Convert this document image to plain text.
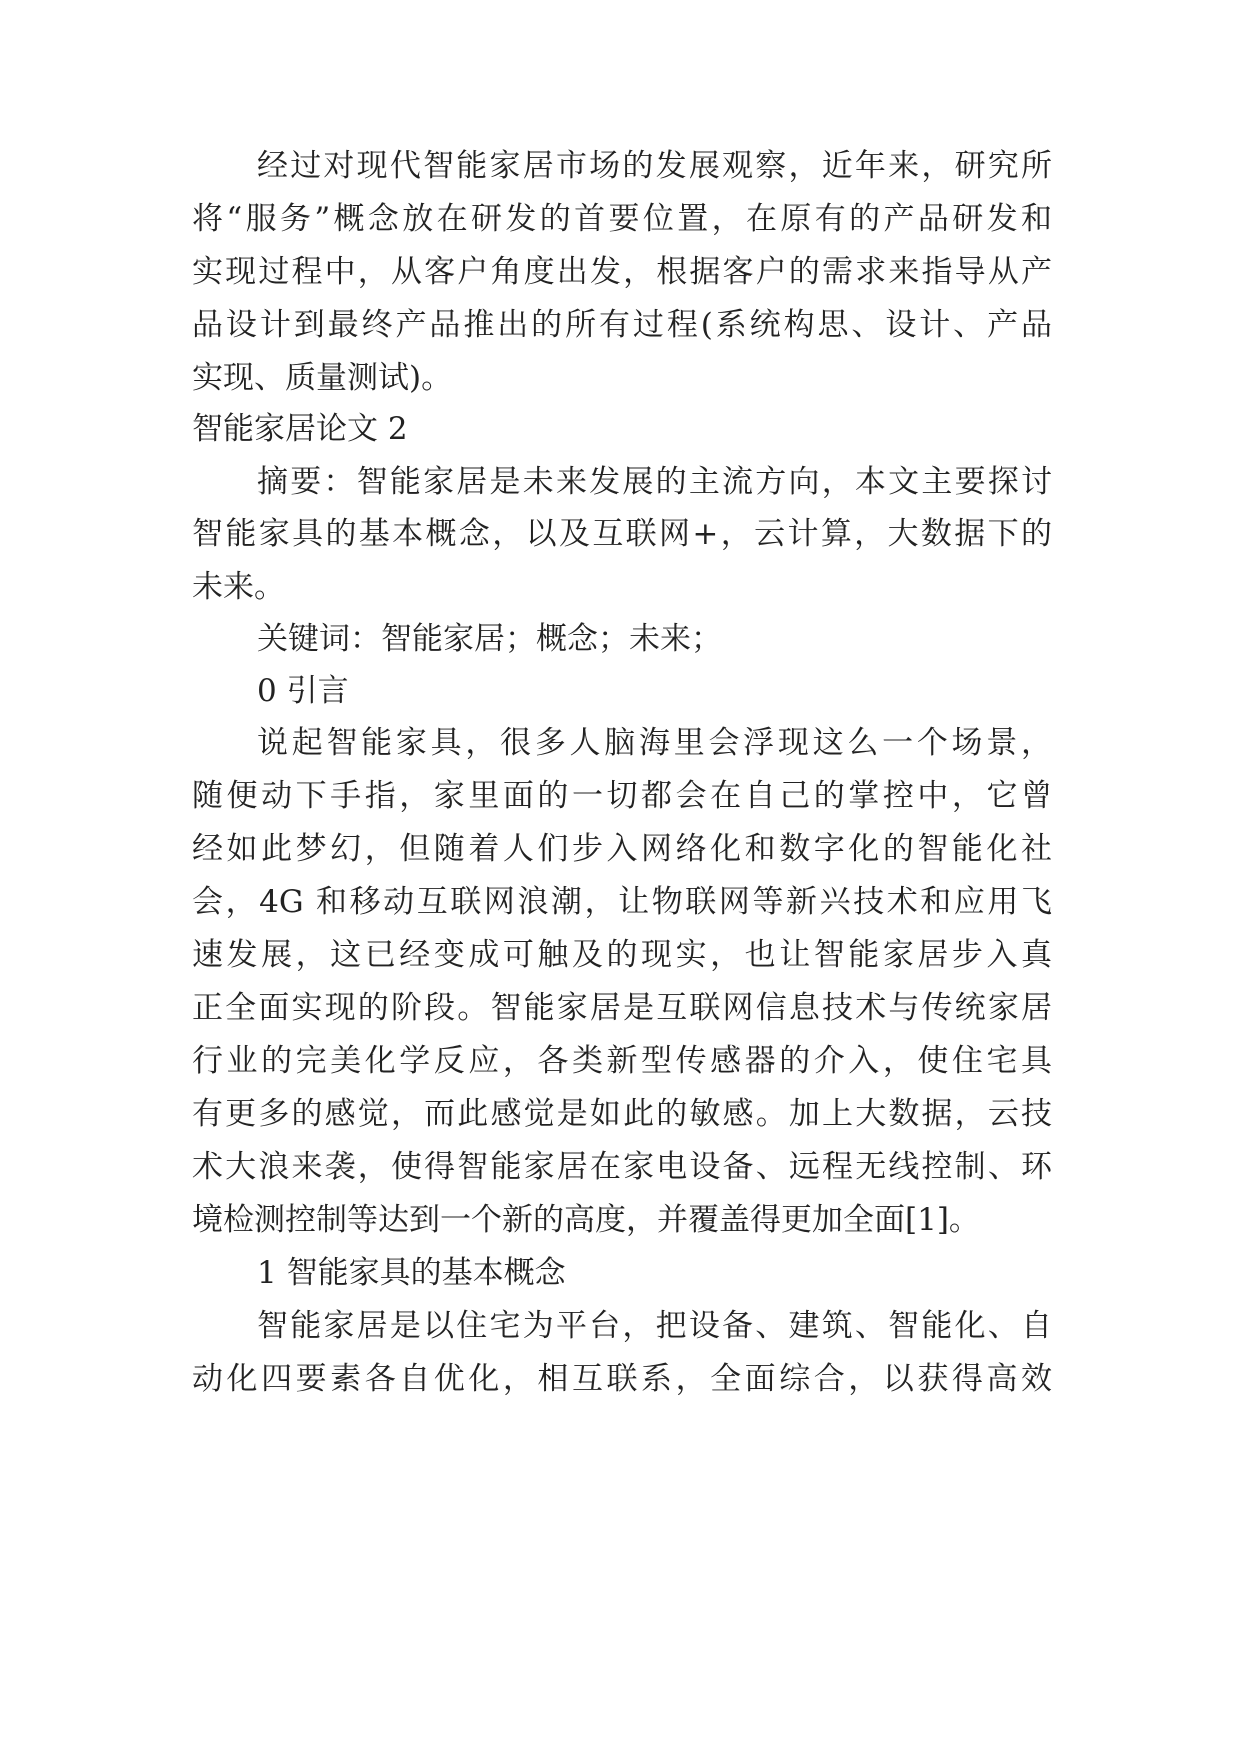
经过对现代智能家居市场的发展观察，近年来，研究所
将“服务”概念放在研发的首要位置，在原有的产品研发和
实现过程中，从客户角度出发，根据客户的需求来指导从产
品设计到最终产品推出的所有过程(系统构思、设计、产品
实现、质量测试)。
智能家居论文 2
摘要：智能家居是未来发展的主流方向，本文主要探讨
智能家具的基本概念，以及互联网+，云计算，大数据下的
未来。
关键词：智能家居；概念；未来；
0 引言
说起智能家具，很多人脑海里会浮现这么一个场景，
随便动下手指，家里面的一切都会在自己的掌控中，它曾
经如此梦幻，但随着人们步入网络化和数字化的智能化社
会，4G 和移动互联网浪潮，让物联网等新兴技术和应用飞
速发展，这已经变成可触及的现实，也让智能家居步入真
正全面实现的阶段。智能家居是互联网信息技术与传统家居
行业的完美化学反应，各类新型传感器的介入，使住宅具
有更多的感觉，而此感觉是如此的敏感。加上大数据，云技
术大浪来袭，使得智能家居在家电设备、远程无线控制、环
境检测控制等达到一个新的高度，并覆盖得更加全面[1]。
1 智能家具的基本概念
智能家居是以住宅为平台，把设备、建筑、智能化、自
动化四要素各自优化，相互联系，全面综合，以获得高效
